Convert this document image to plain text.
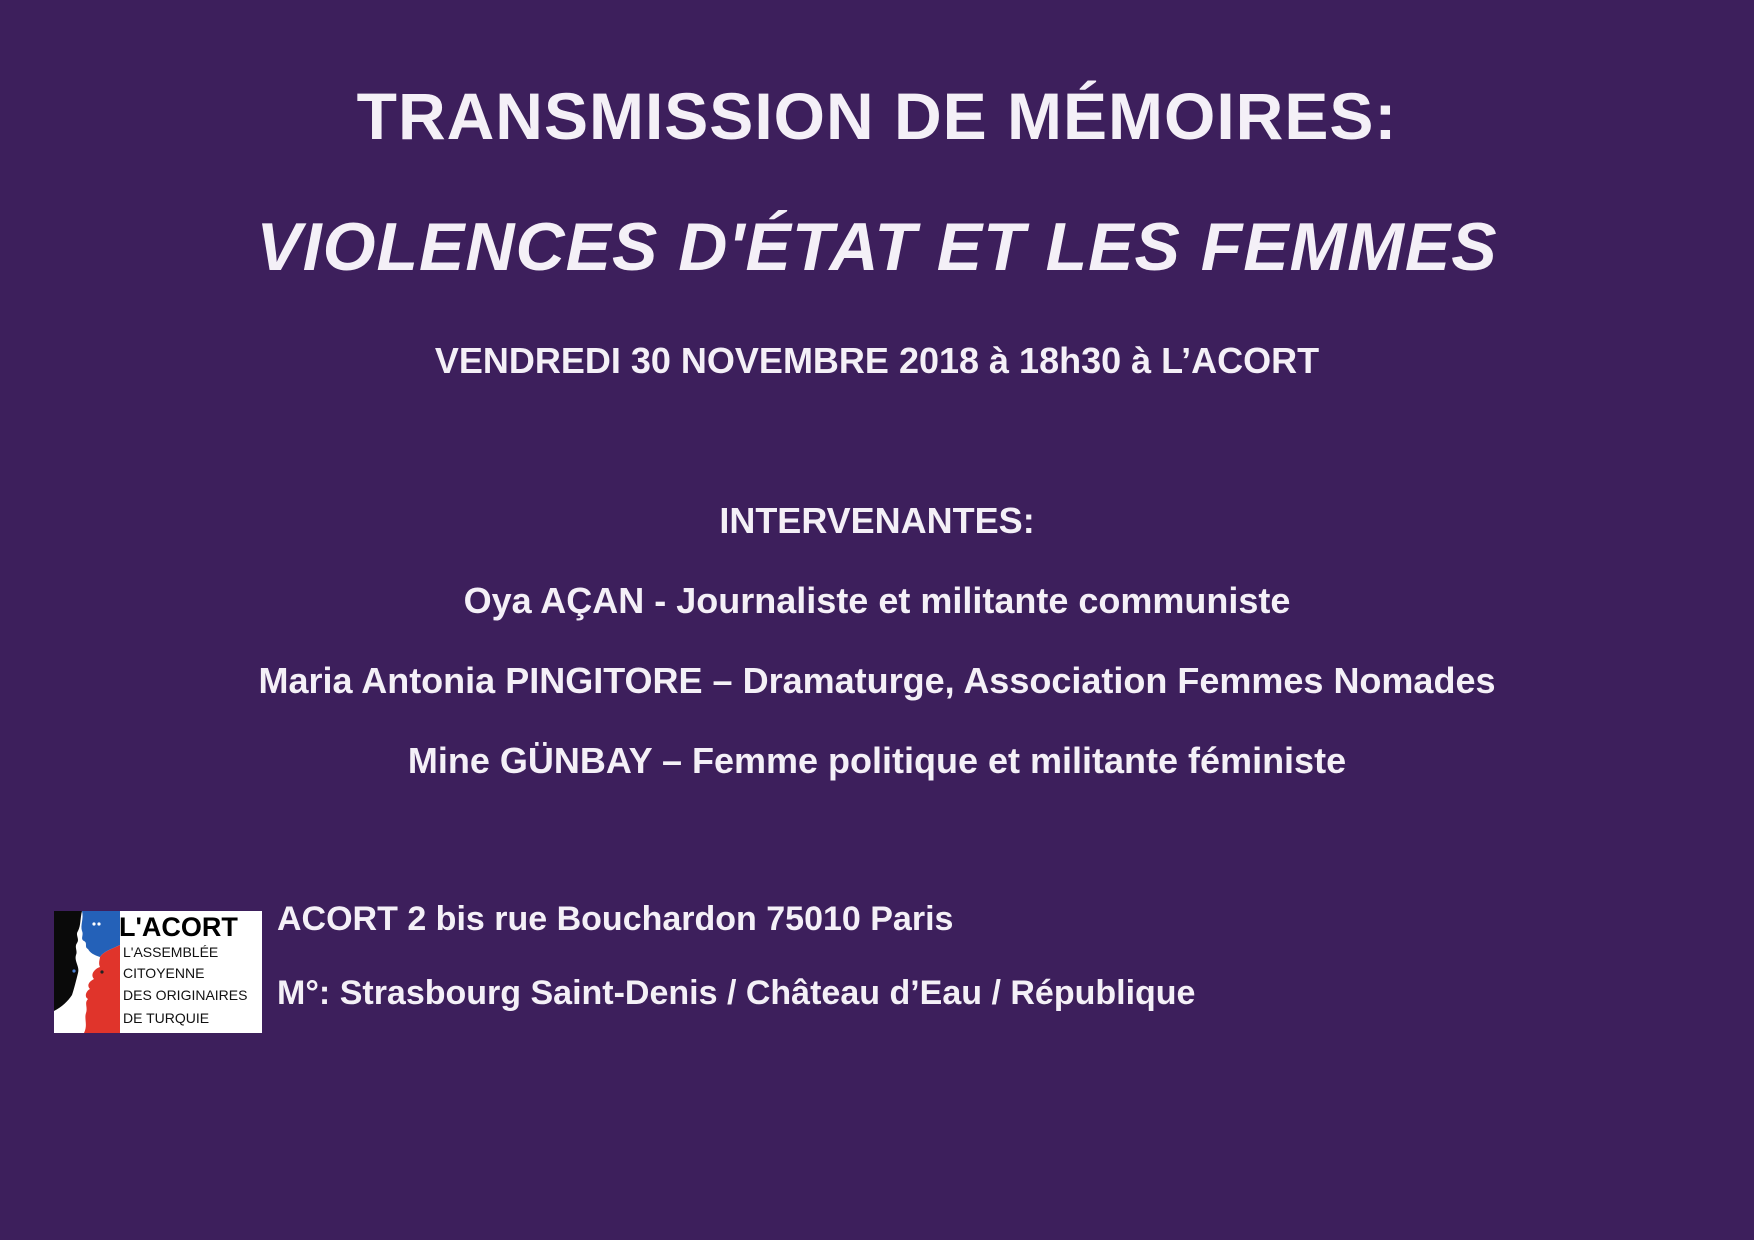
TRANSMISSION DE MÉMOIRES:
VIOLENCES D'ÉTAT ET LES FEMMES
VENDREDI 30 NOVEMBRE 2018 à 18h30 à L’ACORT
INTERVENANTES:
Oya AÇAN - Journaliste et militante communiste
Maria Antonia PINGITORE – Dramaturge, Association Femmes Nomades
Mine GÜNBAY – Femme politique et militante féministe
L'ACORT
L'ASSEMBLÉE
CITOYENNE
DES ORIGINAIRES
DE TURQUIE
ACORT 2 bis rue Bouchardon 75010 Paris
M°: Strasbourg Saint-Denis / Château d’Eau / République
